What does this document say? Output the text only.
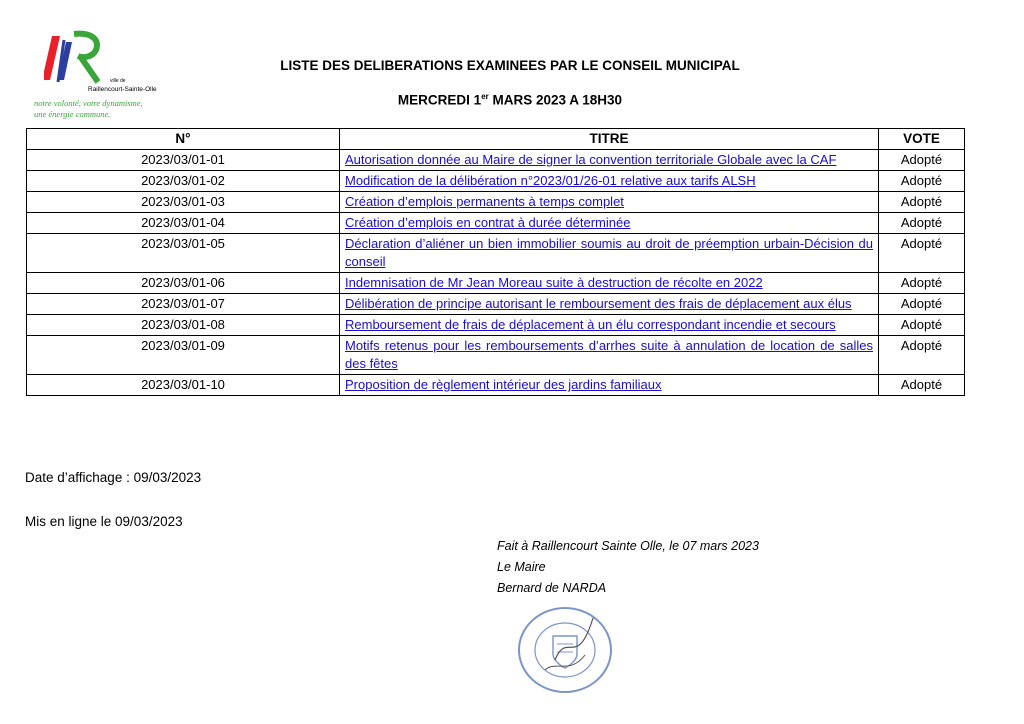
ville de
Raillencourt-Sainte-Olle
notre volonté, votre dynamisme,
une énergie commune.
LISTE DES DELIBERATIONS EXAMINEES PAR LE CONSEIL MUNICIPAL
MERCREDI 1er MARS 2023 A 18H30
N°	TITRE	VOTE
2023/03/01-01	Autorisation donnée au Maire de signer la convention territoriale Globale avec la CAF	Adopté
2023/03/01-02	Modification de la délibération n°2023/01/26-01 relative aux tarifs ALSH	Adopté
2023/03/01-03	Création d’emplois permanents à temps complet	Adopté
2023/03/01-04	Création d’emplois en contrat à durée déterminée	Adopté
2023/03/01-05	Déclaration d’aliéner un bien immobilier soumis au droit de préemption urbain-Décision du conseil	Adopté
2023/03/01-06	Indemnisation de Mr Jean Moreau suite à destruction de récolte en 2022	Adopté
2023/03/01-07	Délibération de principe autorisant le remboursement des frais de déplacement aux élus	Adopté
2023/03/01-08	Remboursement de frais de déplacement à un élu correspondant incendie et secours	Adopté
2023/03/01-09	Motifs retenus pour les remboursements d’arrhes suite à annulation de location de salles des fêtes	Adopté
2023/03/01-10	Proposition de règlement intérieur des jardins familiaux	Adopté
Date d’affichage : 09/03/2023
Mis en ligne le 09/03/2023
Fait à Raillencourt Sainte Olle, le 07 mars 2023
Le Maire
Bernard de NARDA
